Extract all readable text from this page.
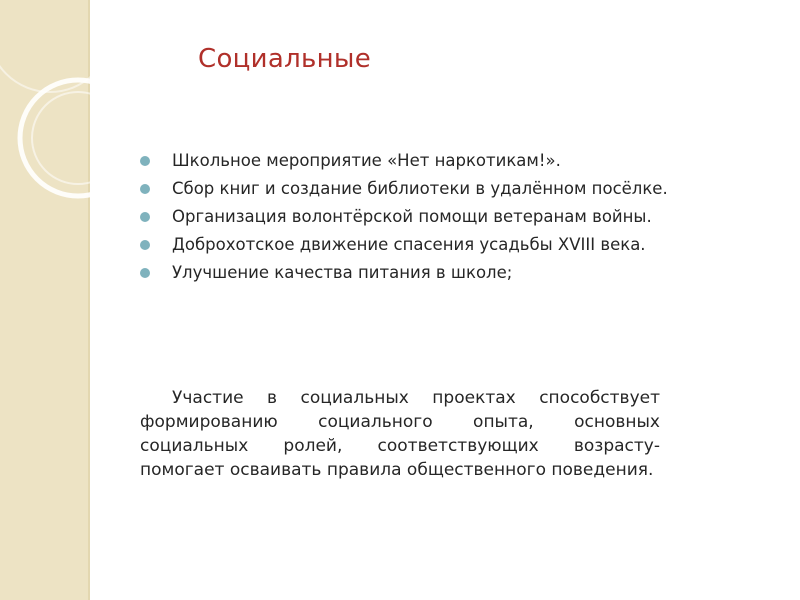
Социальные
Школьное мероприятие «Нет наркотикам!».
Сбор книг и создание библиотеки в удалённом посёлке.
Организация волонтёрской помощи ветеранам войны.
Доброхотское движение спасения усадьбы XVIII века.
Улучшение качества питания в школе;

Участие в социальных проектах способствует формированию социального опыта, основных социальных ролей, соответствующих возрасту- помогает осваивать правила общественного поведения.
